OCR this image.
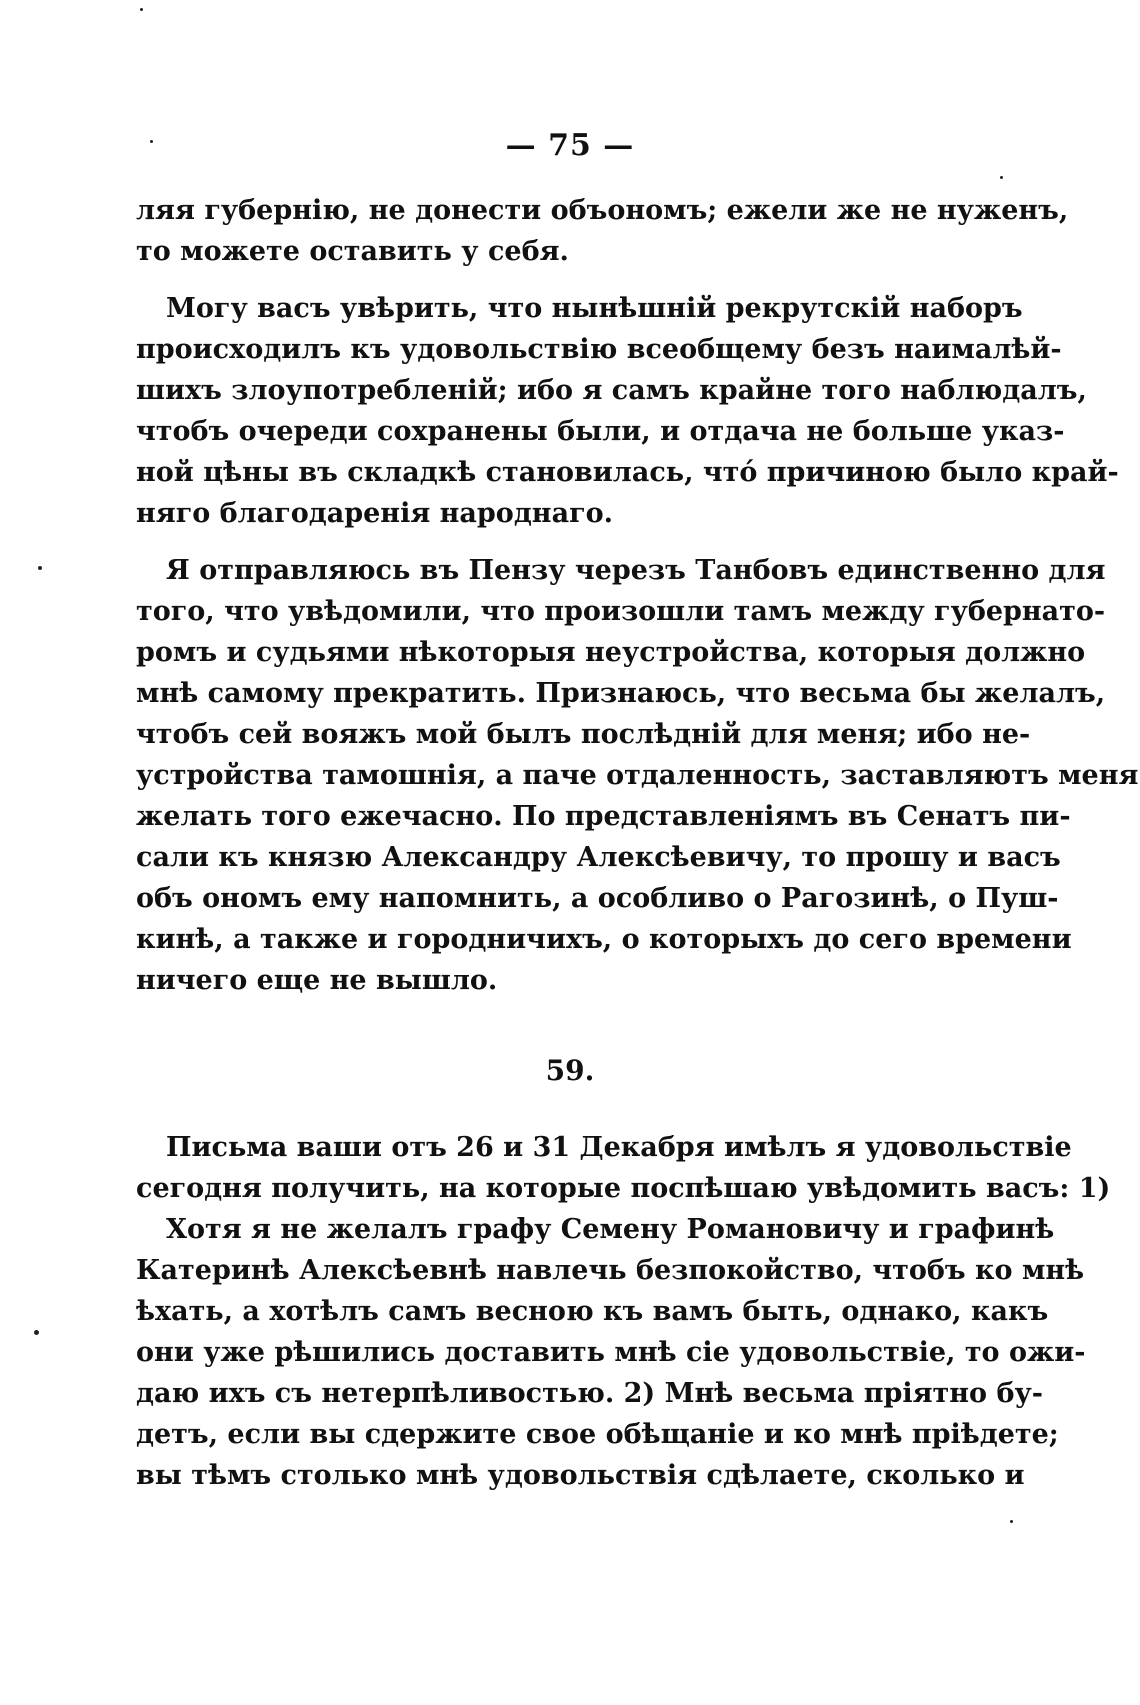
— 75 —
ляя губернію, не донести объономъ; ежели же не нуженъ,
то можете оставить у себя.
Могу васъ увѣрить, что нынѣшній рекрутскій наборъ
происходилъ къ удовольствію всеобщему безъ наималѣй-
шихъ злоупотребленій; ибо я самъ крайне того наблюдалъ,
чтобъ очереди сохранены были, и отдача не больше указ-
ной цѣны въ складкѣ становилась, чтó причиною было край-
няго благодаренія народнаго.
Я отправляюсь въ Пензу черезъ Танбовъ единственно для
того, что увѣдомили, что произошли тамъ между губернато-
ромъ и судьями нѣкоторыя неустройства, которыя должно
мнѣ самому прекратить. Признаюсь, что весьма бы желалъ,
чтобъ сей вояжъ мой былъ послѣдній для меня; ибо не-
устройства тамошнія, а паче отдаленность, заставляютъ меня
желать того ежечасно. По представленіямъ въ Сенатъ пи-
сали къ князю Александру Алексѣевичу, то прошу и васъ
объ ономъ ему напомнить, а особливо о Рагозинѣ, о Пуш-
кинѣ, а также и городничихъ, о которыхъ до сего времени
ничего еще не вышло.
59.
Письма ваши отъ 26 и 31 Декабря имѣлъ я удовольствіе
сегодня получить, на которые поспѣшаю увѣдомить васъ: 1)
Хотя я не желалъ графу Семену Романовичу и графинѣ
Катеринѣ Алексѣевнѣ навлечь безпокойство, чтобъ ко мнѣ
ѣхать, а хотѣлъ самъ весною къ вамъ быть, однако, какъ
они уже рѣшились доставить мнѣ сіе удовольствіе, то ожи-
даю ихъ съ нетерпѣливостью. 2) Мнѣ весьма пріятно бу-
детъ, если вы сдержите свое обѣщаніе и ко мнѣ пріѣдете;
вы тѣмъ столько мнѣ удовольствія сдѣлаете, сколько и
